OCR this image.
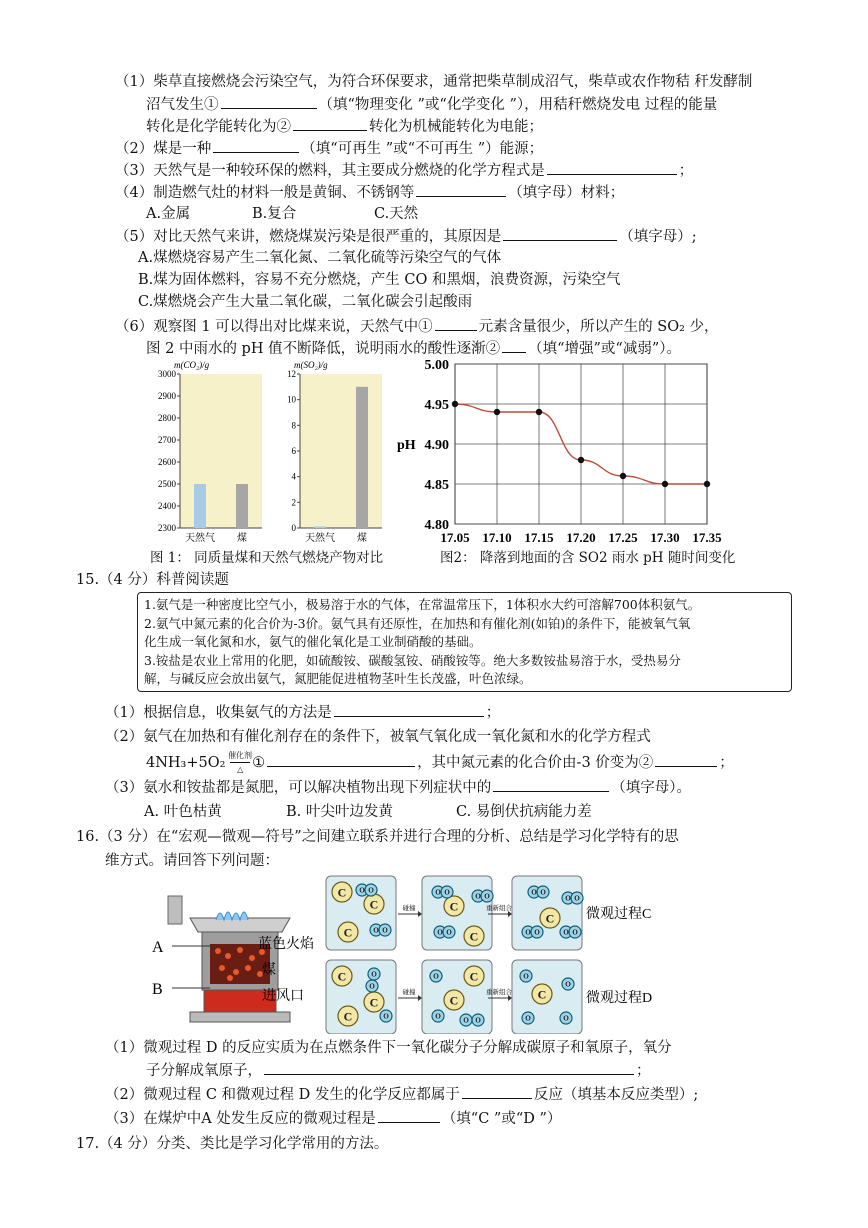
（1）柴草直接燃烧会污染空气，为符合环保要求，通常把柴草制成沼气，柴草或农作物秸 秆发酵制
沼气发生①	（填“物理变化 ”或“化学变化 ”），用秸秆燃烧发电 过程的能量
转化是化学能转化为②	转化为机械能转化为电能；
（2）煤是一种	（填“可再生 ”或“不可再生 ”）能源；
（3）天然气是一种较环保的燃料，其主要成分燃烧的化学方程式是	；
（4）制造燃气灶的材料一般是黄铜、不锈钢等	（填字母）材料；
A.金属	B.复合	C.天然
（5）对比天然气来讲，燃烧煤炭污染是很严重的，其原因是	（填字母）;
A.煤燃烧容易产生二氧化氮、二氧化硫等污染空气的气体
B.煤为固体燃料，容易不充分燃烧，产生 CO 和黑烟，浪费资源，污染空气
C.煤燃烧会产生大量二氧化碳，二氧化碳会引起酸雨
（6）观察图 1 可以得出对比煤来说，天然气中①	元素含量很少，所以产生的 SO₂ 少，
图 2 中雨水的 pH 值不断降低，说明雨水的酸性逐渐② （填“增强”或“减弱”）。
m(CO₂)/g
3000
2900
2800
2700
2600
2500
2400
2300
天然气 煤
m(SO₂)/g
12
10
8
6
4
2
0
天然气 煤
5.00
4.95
4.90
4.85
4.80
pH
17.05 17.10 17.15 17.20 17.25 17.30 17.35
图 1： 同质量煤和天然气燃烧产物对比	图2： 降落到地面的含 SO2 雨水 pH 随时间变化
15.（4 分）科普阅读题
1.氨气是一种密度比空气小，极易溶于水的气体，在常温常压下，1体积水大约可溶解700体积氨气。
2.氨气中氮元素的化合价为-3价。氨气具有还原性，在加热和有催化剂(如铂)的条件下，能被氧气氧
化生成一氧化氮和水，氨气的催化氧化是工业制硝酸的基础。
3.铵盐是农业上常用的化肥，如硫酸铵、碳酸氢铵、硝酸铵等。绝大多数铵盐易溶于水，受热易分
解，与碱反应会放出氨气，氮肥能促进植物茎叶生长茂盛，叶色浓绿。
（1）根据信息，收集氨气的方法是	；
（2）氨气在加热和有催化剂存在的条件下，被氧气氧化成一氧化氮和水的化学方程式
4NH₃+5O₂ 催化剂
△ ①	，其中氮元素的化合价由-3 价变为②	；
（3）氨水和铵盐都是氮肥，可以解决植物出现下列症状中的	（填字母）。
A. 叶色枯黄	B. 叶尖叶边发黄	C. 易倒伏抗病能力差
16.（3 分）在“宏观—微观—符号”之间建立联系并进行合理的分析、总结是学习化学特有的思
维方式。请回答下列问题：
A
B
蓝色火焰
煤
进风口
C
C
C	O O
O O
C
C
O O	O O
O O
C
O O
O O
O O	O O
碰撞	重新组合	微观过程C
C
C
C
O
O
O
C
C
O
O	O
O
C
O
O
O	O
碰撞	重新组合	微观过程D
（1）微观过程 D 的反应实质为在点燃条件下一氧化碳分子分解成碳原子和氧原子，氧分
子分解成氧原子，	；
（2）微观过程 C 和微观过程 D 发生的化学反应都属于	反应（填基本反应类型）;
（3）在煤炉中A 处发生反应的微观过程是	（填“C ”或“D ”）
17.（4 分）分类、类比是学习化学常用的方法。
